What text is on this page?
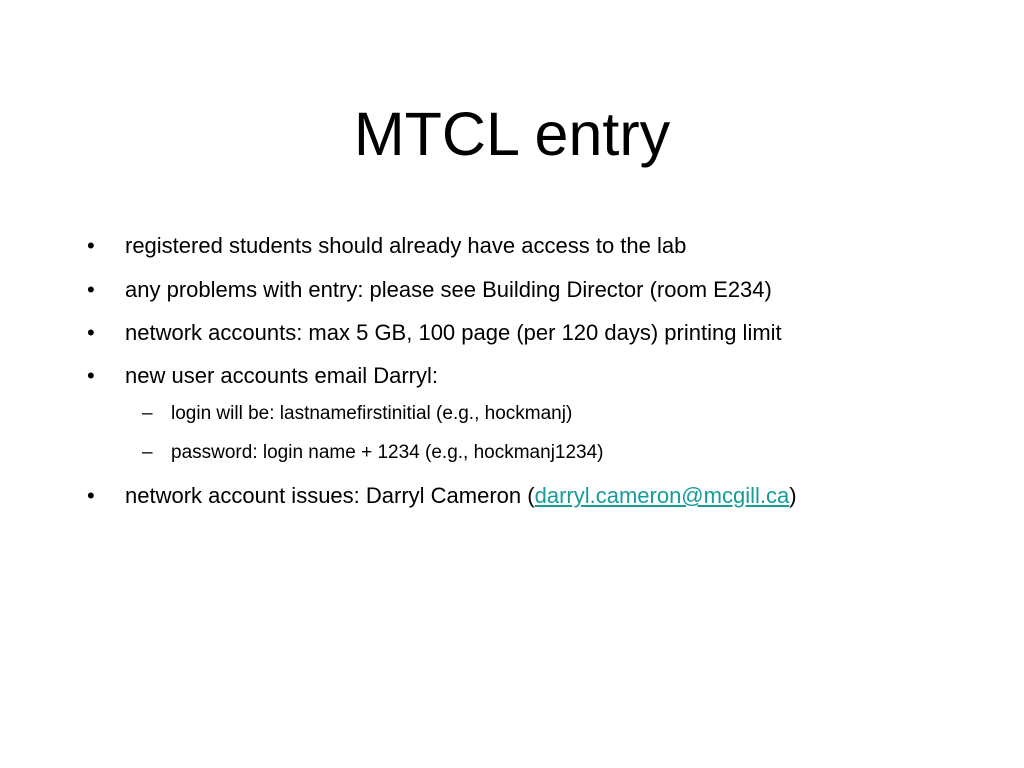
MTCL entry
• registered students should already have access to the lab
• any problems with entry: please see Building Director (room E234)
• network accounts: max 5 GB, 100 page (per 120 days) printing limit
• new user accounts email Darryl:
– login will be: lastnamefirstinitial (e.g., hockmanj)
– password: login name + 1234 (e.g., hockmanj1234)
• network account issues: Darryl Cameron (darryl.cameron@mcgill.ca)
